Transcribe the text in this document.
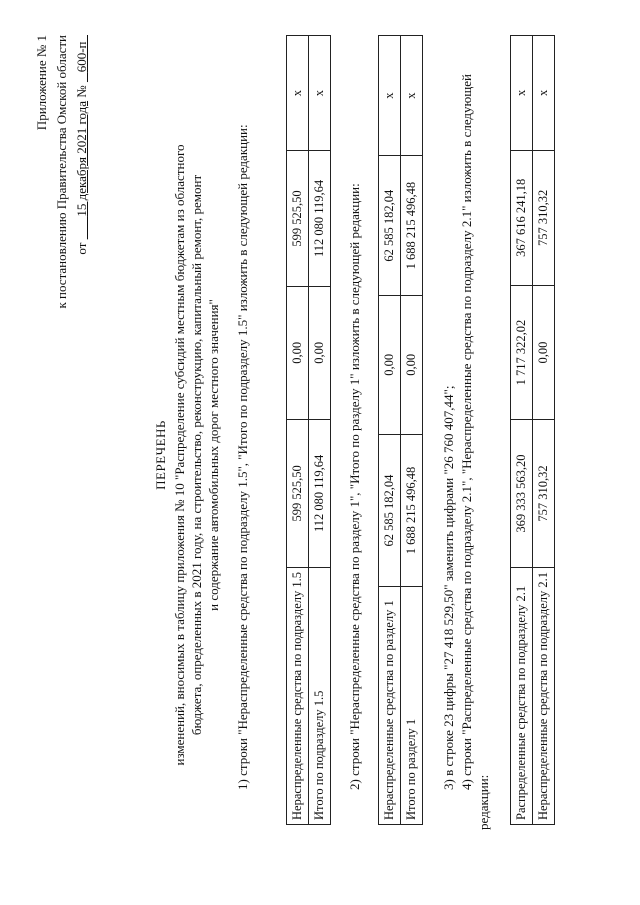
Приложение № 1 к постановлению Правительства Омской области от        15 декабря 2021 года №    600-п
ПЕРЕЧЕНЬ изменений, вносимых в таблицу приложения № 10 "Распределение субсидий местным бюджетам из областного бюджета, определенных в 2021 году, на строительство, реконструкцию, капитальный ремонт, ремонт и содержание автомобильных дорог местного значения" 1) строки "Нераспределенные средства по подразделу 1.5", "Итого по подразделу 1.5" изложить в следующей редакции:	Нераспределенные средства по подразделу 1.5	599 525,50	0,00	599 525,50	x
Итого по подразделу 1.5	112 080 119,64	0,00	112 080 119,64	x
2) строки "Нераспределенные средства по разделу 1", "Итого по разделу 1" изложить в следующей редакции: Нераспределенные средства по разделу 1	62 585 182,04	0,00	62 585 182,04	x
Итого по разделу 1	1 688 215 496,48	0,00	1 688 215 496,48	x
3) в строке 23 цифры "27 418 529,50" заменить цифрами "26 760 407,44"; 4) строки "Распределенные средства по подразделу 2.1", "Нераспределенные средства по подразделу 2.1" изложить в следующей редакции: Распределенные средства по подразделу 2.1	369 333 563,20	1 717 322,02	367 616 241,18	x
Нераспределенные средства по подразделу 2.1	757 310,32	0,00	757 310,32	x
